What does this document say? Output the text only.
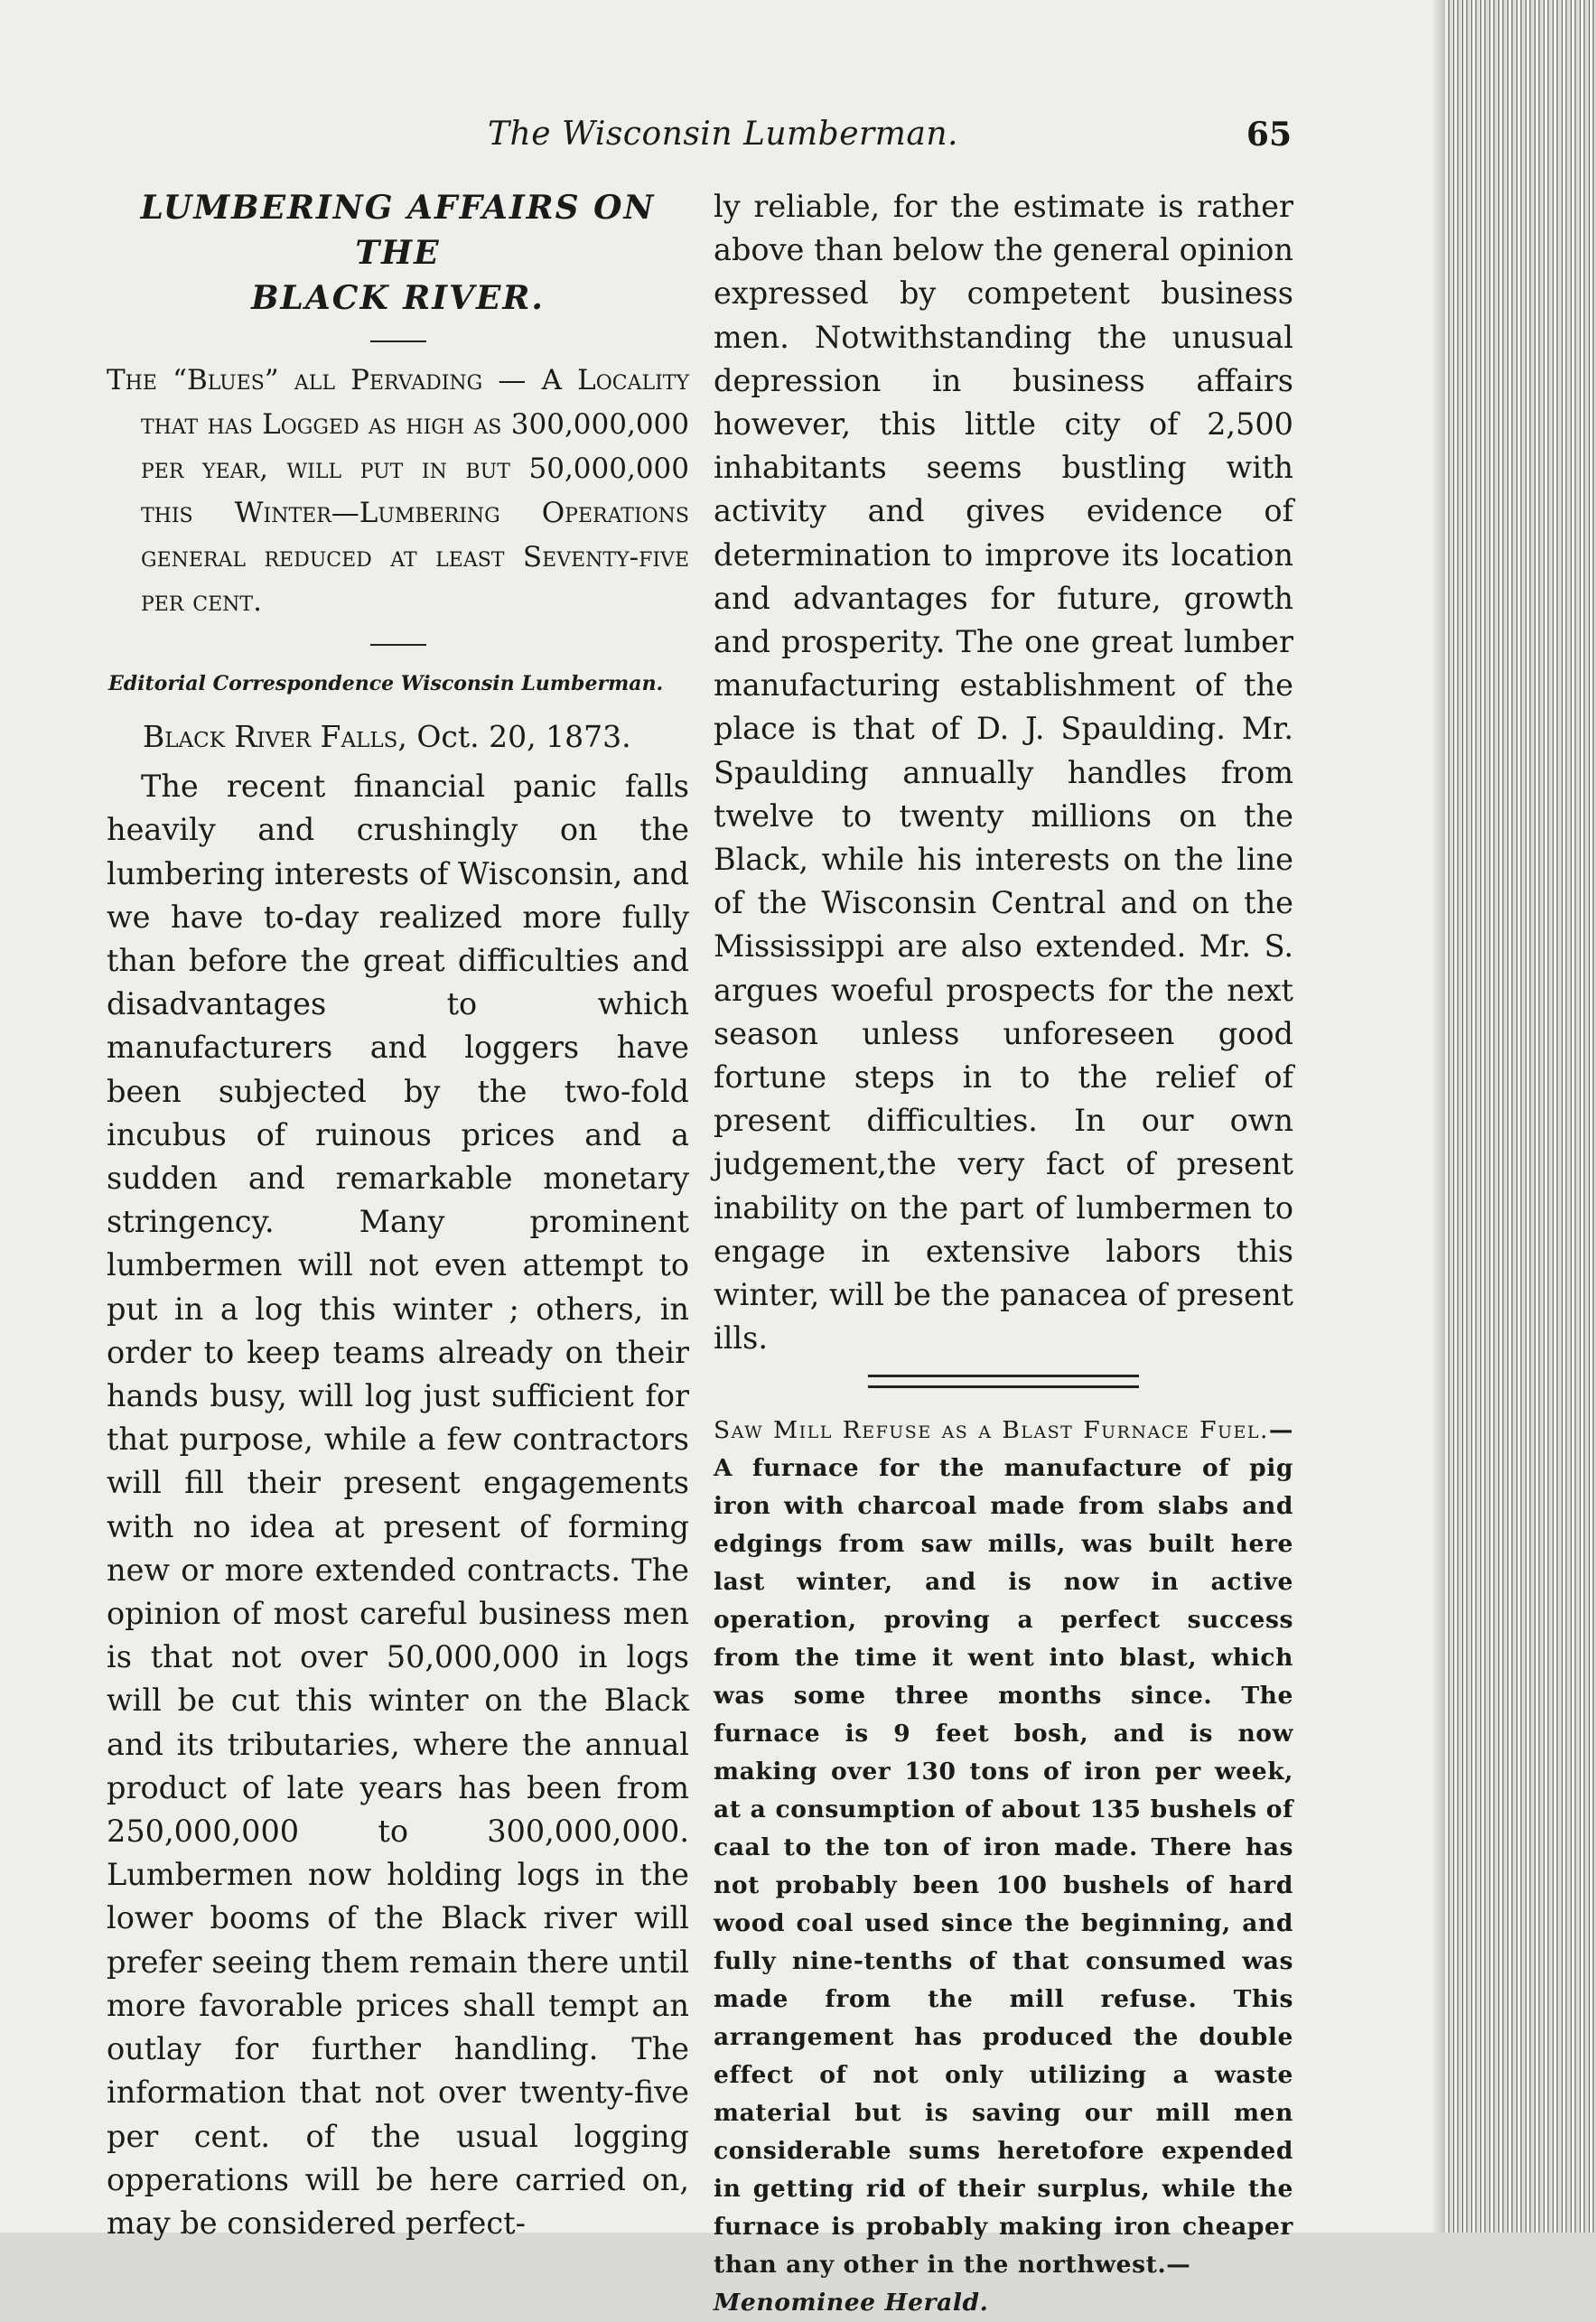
The Wisconsin Lumberman.	65

LUMBERING AFFAIRS ON THE
BLACK RIVER.

The “Blues” all Pervading — A Locality that has Logged as high as 300,000,000 per year, will put in but 50,000,000 this Winter—Lumbering Operations general reduced at least Seventy-five per cent.

Editorial Correspondence Wisconsin Lumberman.
Black River Falls, Oct. 20, 1873.

The recent financial panic falls heavily and crushingly on the lumbering interests of Wisconsin, and we have to-day realized more fully than before the great difficulties and disadvantages to which manufacturers and loggers have been subjected by the two-fold incubus of ruinous prices and a sudden and remarkable monetary stringency. Many prominent lumbermen will not even attempt to put in a log this winter ; others, in order to keep teams already on their hands busy, will log just sufficient for that purpose, while a few contractors will fill their present engagements with no idea at present of forming new or more extended contracts. The opinion of most careful business men is that not over 50,000,000 in logs will be cut this winter on the Black and its tributaries, where the annual product of late years has been from 250,000,000 to 300,000,000. Lumbermen now holding logs in the lower booms of the Black river will prefer seeing them remain there until more favorable prices shall tempt an outlay for further handling. The information that not over twenty-five per cent. of the usual logging opperations will be here carried on, may be considered perfect-

ly reliable, for the estimate is rather above than below the general opinion expressed by competent business men. Notwithstanding the unusual depression in business affairs however, this little city of 2,500 inhabitants seems bustling with activity and gives evidence of determination to improve its location and advantages for future, growth and prosperity. The one great lumber manufacturing establishment of the place is that of D. J. Spaulding. Mr. Spaulding annually handles from twelve to twenty millions on the Black, while his interests on the line of the Wisconsin Central and on the Mississippi are also extended. Mr. S. argues woeful prospects for the next season unless unforeseen good fortune steps in to the relief of present difficulties. In our own judgement,the very fact of present inability on the part of lumbermen to engage in extensive labors this winter, will be the panacea of present ills.

Saw Mill Refuse as a Blast Furnace Fuel.—A furnace for the manufacture of pig iron with charcoal made from slabs and edgings from saw mills, was built here last winter, and is now in active operation, proving a perfect success from the time it went into blast, which was some three months since. The furnace is 9 feet bosh, and is now making over 130 tons of iron per week, at a consumption of about 135 bushels of caal to the ton of iron made. There has not probably been 100 bushels of hard wood coal used since the beginning, and fully nine-tenths of that consumed was made from the mill refuse. This arrangement has produced the double effect of not only utilizing a waste material but is saving our mill men considerable sums heretofore expended in getting rid of their surplus, while the furnace is probably making iron cheaper than any other in the northwest.—
Menominee Herald.
